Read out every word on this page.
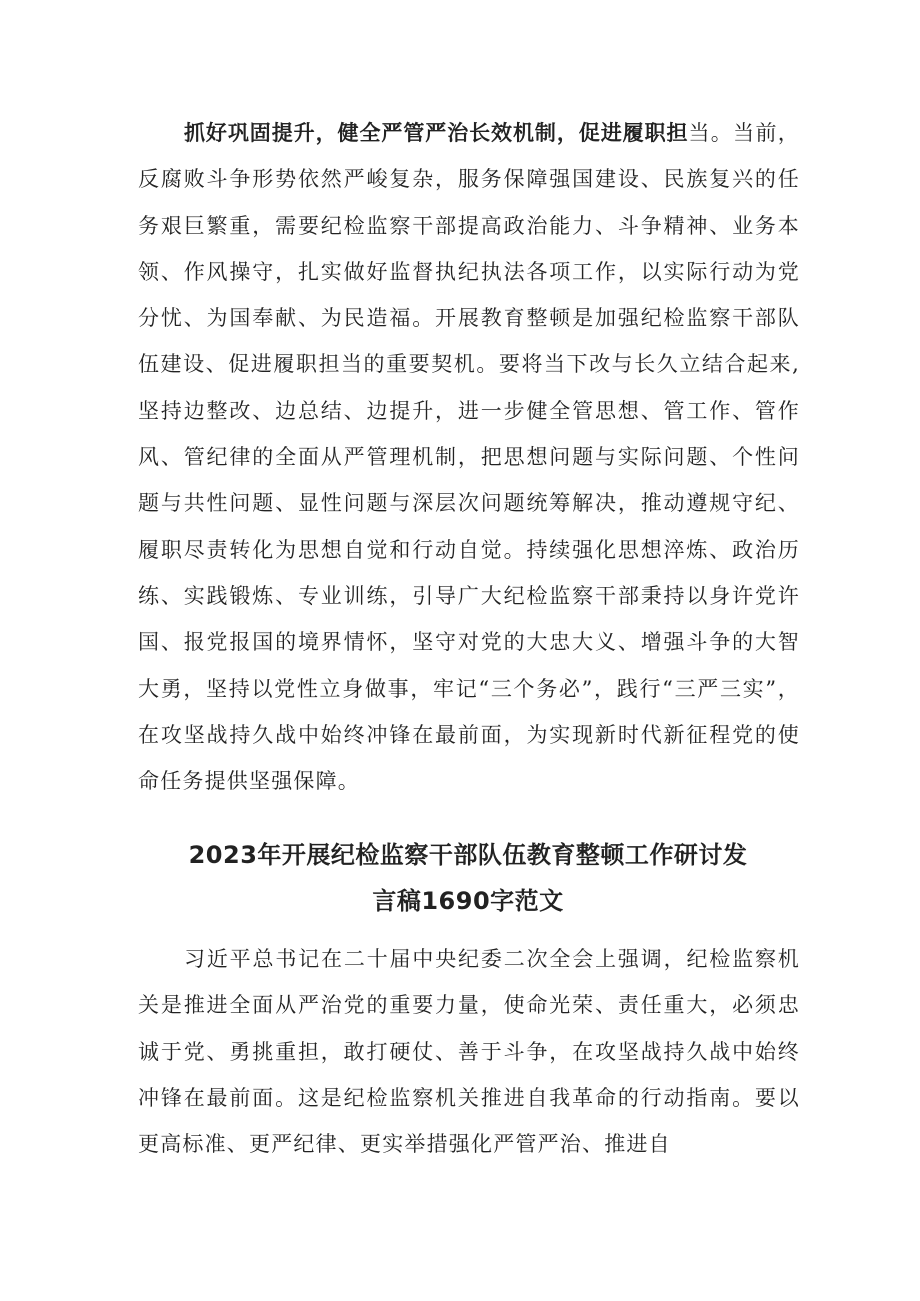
抓好巩固提升，健全严管严治长效机制，促进履职担当。当前，反腐败斗争形势依然严峻复杂，服务保障强国建设、民族复兴的任务艰巨繁重，需要纪检监察干部提高政治能力、斗争精神、业务本领、作风操守，扎实做好监督执纪执法各项工作，以实际行动为党分忧、为国奉献、为民造福。开展教育整顿是加强纪检监察干部队伍建设、促进履职担当的重要契机。要将当下改与长久立结合起来,坚持边整改、边总结、边提升，进一步健全管思想、管工作、管作风、管纪律的全面从严管理机制，把思想问题与实际问题、个性问题与共性问题、显性问题与深层次问题统筹解决，推动遵规守纪、履职尽责转化为思想自觉和行动自觉。持续强化思想淬炼、政治历练、实践锻炼、专业训练，引导广大纪检监察干部秉持以身许党许国、报党报国的境界情怀，坚守对党的大忠大义、增强斗争的大智大勇，坚持以党性立身做事，牢记“三个务必”，践行“三严三实”，在攻坚战持久战中始终冲锋在最前面，为实现新时代新征程党的使命任务提供坚强保障。

2023年开展纪检监察干部队伍教育整顿工作研讨发
言稿1690字范文

习近平总书记在二十届中央纪委二次全会上强调，纪检监察机关是推进全面从严治党的重要力量，使命光荣、责任重大，必须忠诚于党、勇挑重担，敢打硬仗、善于斗争，在攻坚战持久战中始终冲锋在最前面。这是纪检监察机关推进自我革命的行动指南。要以更高标准、更严纪律、更实举措强化严管严治、推进自
